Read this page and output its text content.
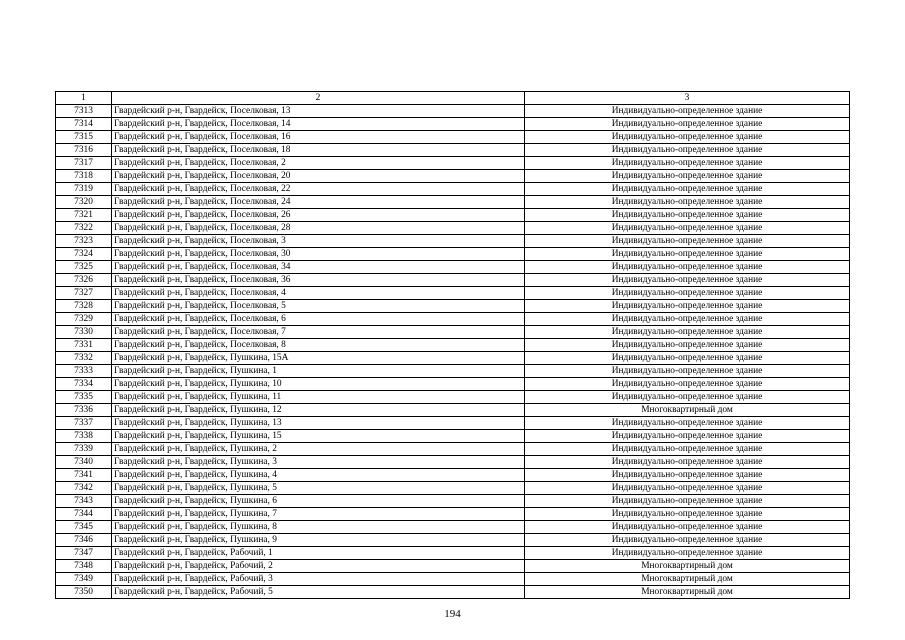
1	2	3
7313	Гвардейский р-н, Гвардейск, Поселковая, 13	Индивидуально-определенное здание
7314	Гвардейский р-н, Гвардейск, Поселковая, 14	Индивидуально-определенное здание
7315	Гвардейский р-н, Гвардейск, Поселковая, 16	Индивидуально-определенное здание
7316	Гвардейский р-н, Гвардейск, Поселковая, 18	Индивидуально-определенное здание
7317	Гвардейский р-н, Гвардейск, Поселковая, 2	Индивидуально-определенное здание
7318	Гвардейский р-н, Гвардейск, Поселковая, 20	Индивидуально-определенное здание
7319	Гвардейский р-н, Гвардейск, Поселковая, 22	Индивидуально-определенное здание
7320	Гвардейский р-н, Гвардейск, Поселковая, 24	Индивидуально-определенное здание
7321	Гвардейский р-н, Гвардейск, Поселковая, 26	Индивидуально-определенное здание
7322	Гвардейский р-н, Гвардейск, Поселковая, 28	Индивидуально-определенное здание
7323	Гвардейский р-н, Гвардейск, Поселковая, 3	Индивидуально-определенное здание
7324	Гвардейский р-н, Гвардейск, Поселковая, 30	Индивидуально-определенное здание
7325	Гвардейский р-н, Гвардейск, Поселковая, 34	Индивидуально-определенное здание
7326	Гвардейский р-н, Гвардейск, Поселковая, 36	Индивидуально-определенное здание
7327	Гвардейский р-н, Гвардейск, Поселковая, 4	Индивидуально-определенное здание
7328	Гвардейский р-н, Гвардейск, Поселковая, 5	Индивидуально-определенное здание
7329	Гвардейский р-н, Гвардейск, Поселковая, 6	Индивидуально-определенное здание
7330	Гвардейский р-н, Гвардейск, Поселковая, 7	Индивидуально-определенное здание
7331	Гвардейский р-н, Гвардейск, Поселковая, 8	Индивидуально-определенное здание
7332	Гвардейский р-н, Гвардейск, Пушкина, 15А	Индивидуально-определенное здание
7333	Гвардейский р-н, Гвардейск, Пушкина, 1	Индивидуально-определенное здание
7334	Гвардейский р-н, Гвардейск, Пушкина, 10	Индивидуально-определенное здание
7335	Гвардейский р-н, Гвардейск, Пушкина, 11	Индивидуально-определенное здание
7336	Гвардейский р-н, Гвардейск, Пушкина, 12	Многоквартирный дом
7337	Гвардейский р-н, Гвардейск, Пушкина, 13	Индивидуально-определенное здание
7338	Гвардейский р-н, Гвардейск, Пушкина, 15	Индивидуально-определенное здание
7339	Гвардейский р-н, Гвардейск, Пушкина, 2	Индивидуально-определенное здание
7340	Гвардейский р-н, Гвардейск, Пушкина, 3	Индивидуально-определенное здание
7341	Гвардейский р-н, Гвардейск, Пушкина, 4	Индивидуально-определенное здание
7342	Гвардейский р-н, Гвардейск, Пушкина, 5	Индивидуально-определенное здание
7343	Гвардейский р-н, Гвардейск, Пушкина, 6	Индивидуально-определенное здание
7344	Гвардейский р-н, Гвардейск, Пушкина, 7	Индивидуально-определенное здание
7345	Гвардейский р-н, Гвардейск, Пушкина, 8	Индивидуально-определенное здание
7346	Гвардейский р-н, Гвардейск, Пушкина, 9	Индивидуально-определенное здание
7347	Гвардейский р-н, Гвардейск, Рабочий, 1	Индивидуально-определенное здание
7348	Гвардейский р-н, Гвардейск, Рабочий, 2	Многоквартирный дом
7349	Гвардейский р-н, Гвардейск, Рабочий, 3	Многоквартирный дом
7350	Гвардейский р-н, Гвардейск, Рабочий, 5	Многоквартирный дом
194
